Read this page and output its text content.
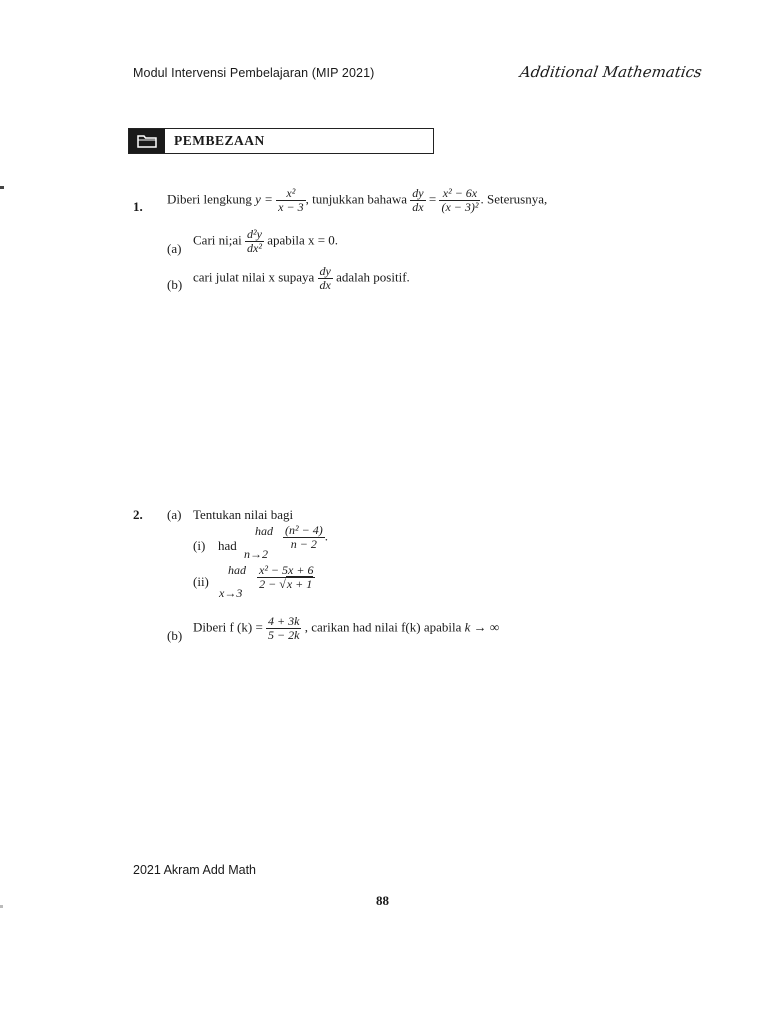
Modul Intervensi Pembelajaran (MIP 2021)	Additional Mathematics
PEMBEZAAN
1.
Diberi lengkung $y = \frac{\text{x²}}{x - 3}$ , tunjukkan bahawa $\frac{dy}{dx} = \frac{\text{x² − 6x}}{\text{(x − 3)²}}$ . Seterusnya,
(a)
Cari ni;ai $\frac{\text{d²y}}{\text{dx²}}$ apabila x = 0.
(b)
cari julat nilai x supaya $\frac{dy}{dx}$ adalah positif.
2. (a) Tentukan nilai bagi
(i) had
had
n→2
$\frac{\text{(n² − 4)}}{n - 2}$ .
(ii)
had
x→3
$\frac{\text{x² − 5x + 6}}{2 - √x + 1}$
(b)
Diberi f $(k) = \frac{4 + 3k}{5 - 2k}$ , carikan had nilai f(k) apabila k → ∞
2021 Akram Add Math
88
